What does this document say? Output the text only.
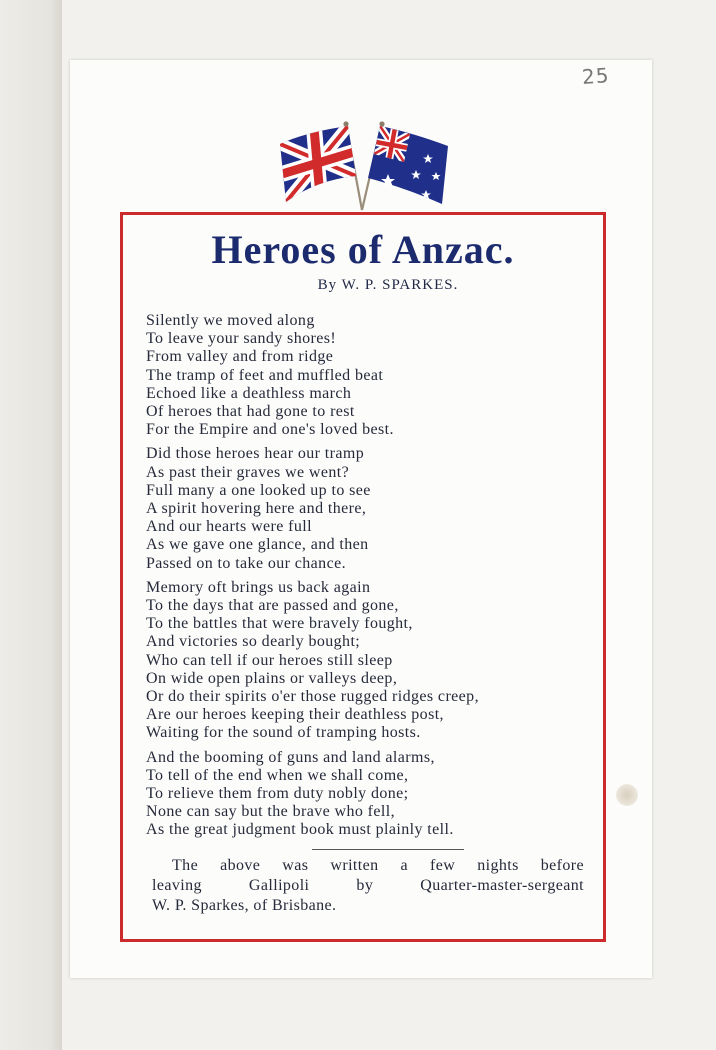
25
Heroes of Anzac.
By W. P. SPARKES.
Silently we moved along
To leave your sandy shores!
From valley and from ridge
The tramp of feet and muffled beat
Echoed like a deathless march
Of heroes that had gone to rest
For the Empire and one's loved best.
Did those heroes hear our tramp
As past their graves we went?
Full many a one looked up to see
A spirit hovering here and there,
And our hearts were full
As we gave one glance, and then
Passed on to take our chance.
Memory oft brings us back again
To the days that are passed and gone,
To the battles that were bravely fought,
And victories so dearly bought;
Who can tell if our heroes still sleep
On wide open plains or valleys deep,
Or do their spirits o'er those rugged ridges creep,
Are our heroes keeping their deathless post,
Waiting for the sound of tramping hosts.
And the booming of guns and land alarms,
To tell of the end when we shall come,
To relieve them from duty nobly done;
None can say but the brave who fell,
As the great judgment book must plainly tell.
The above was written a few nights before
leaving Gallipoli by Quarter-master-sergeant
W. P. Sparkes, of Brisbane.
